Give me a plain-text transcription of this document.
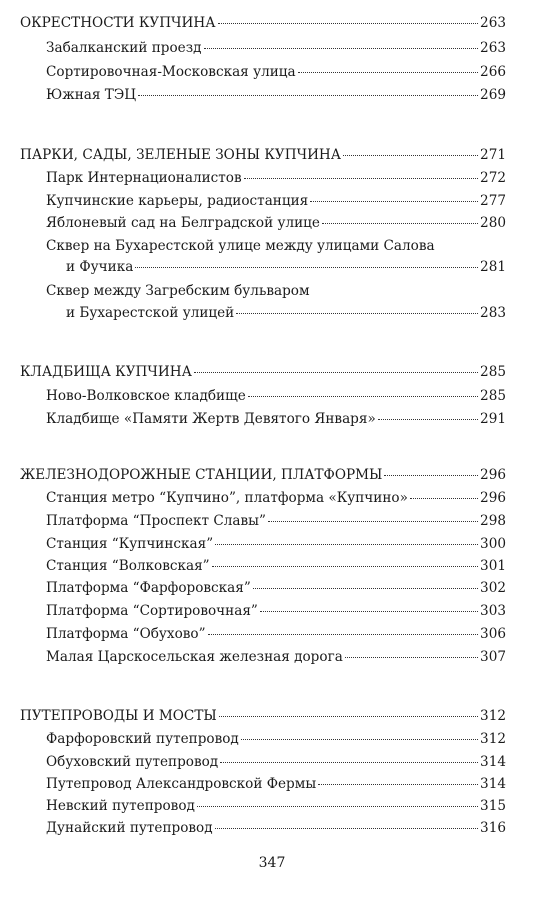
ОКРЕСТНОСТИ КУПЧИНА	263
Забалканский проезд	263
Сортировочная-Московская улица	266
Южная ТЭЦ	269
ПАРКИ, САДЫ, ЗЕЛЕНЫЕ ЗОНЫ КУПЧИНА	271
Парк Интернационалистов	272
Купчинские карьеры, радиостанция	277
Яблоневый сад на Белградской улице	280
Сквер на Бухарестской улице между улицами Салова
и Фучика	281
Сквер между Загребским бульваром
и Бухарестской улицей	283
КЛАДБИЩА КУПЧИНА	285
Ново-Волковское кладбище	285
Кладбище «Памяти Жертв Девятого Января»	291
ЖЕЛЕЗНОДОРОЖНЫЕ СТАНЦИИ, ПЛАТФОРМЫ	296
Станция метро “Купчино”, платформа «Купчино»	296
Платформа “Проспект Славы”	298
Станция “Купчинская”	300
Станция “Волковская”	301
Платформа “Фарфоровская”	302
Платформа “Сортировочная”	303
Платформа “Обухово”	306
Малая Царскосельская железная дорога	307
ПУТЕПРОВОДЫ И МОСТЫ	312
Фарфоровский путепровод	312
Обуховский путепровод	314
Путепровод Александровской Фермы	314
Невский путепровод	315
Дунайский путепровод	316
347
